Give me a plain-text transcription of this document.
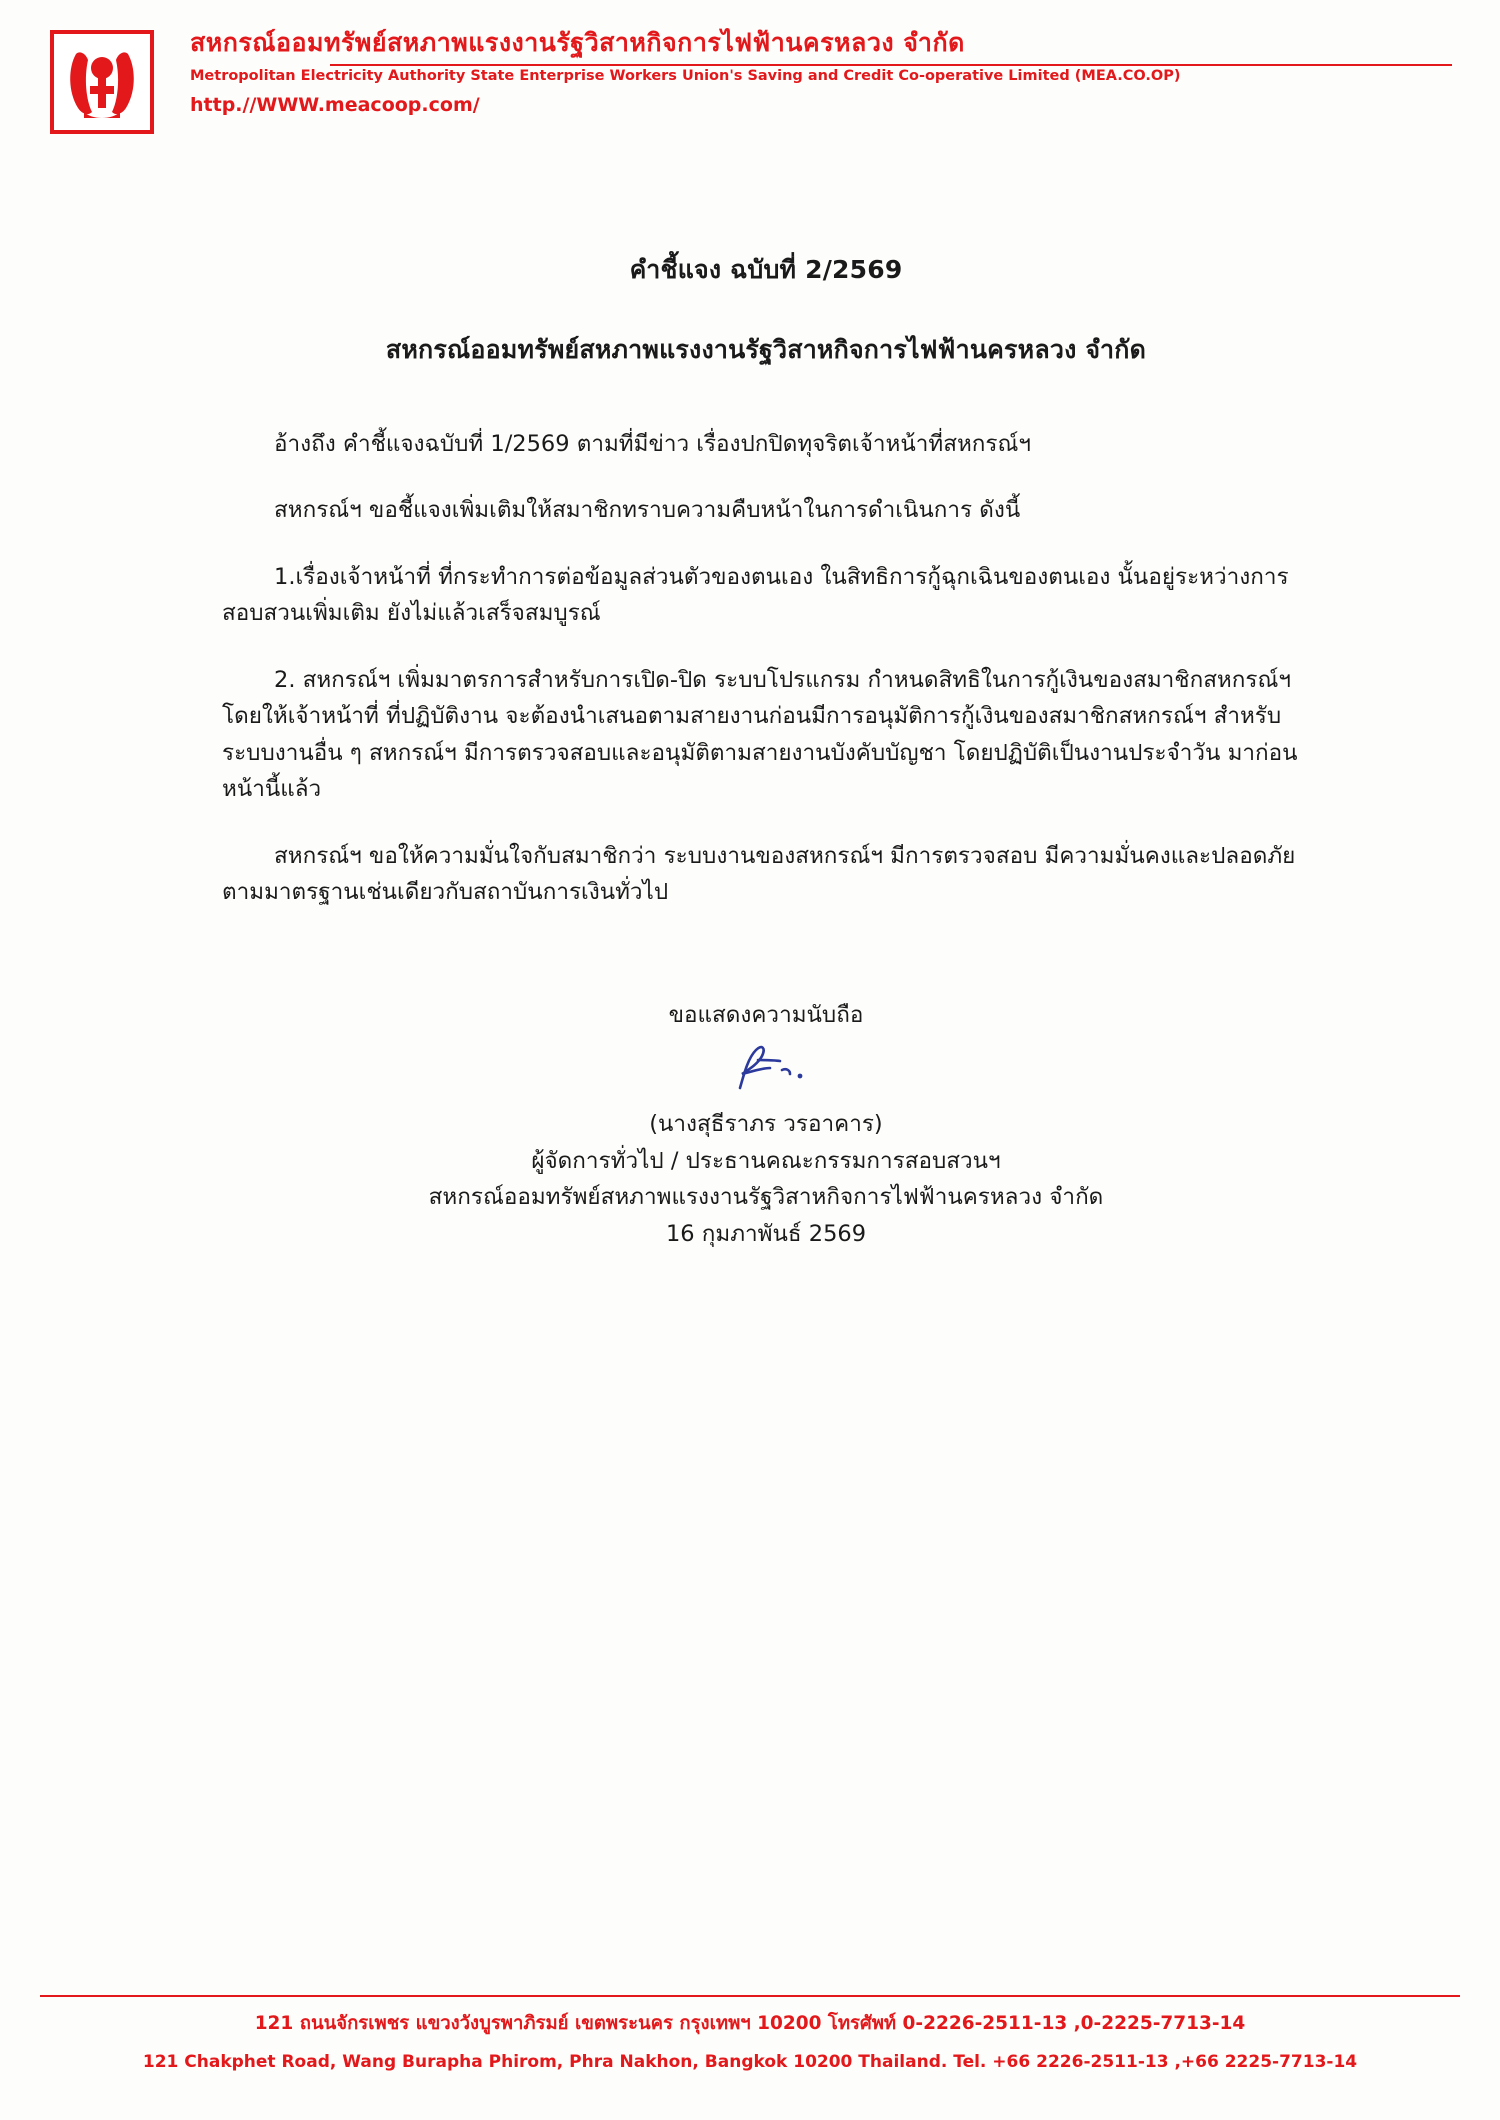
สหกรณ์ออมทรัพย์สหภาพแรงงานรัฐวิสาหกิจการไฟฟ้านครหลวง จำกัด
Metropolitan Electricity Authority State Enterprise Workers Union's Saving and Credit Co-operative Limited (MEA.CO.OP)
http.//WWW.meacoop.com/
คำชี้แจง ฉบับที่ 2/2569
สหกรณ์ออมทรัพย์สหภาพแรงงานรัฐวิสาหกิจการไฟฟ้านครหลวง จำกัด
อ้างถึง คำชี้แจงฉบับที่ 1/2569 ตามที่มีข่าว เรื่องปกปิดทุจริตเจ้าหน้าที่สหกรณ์ฯ
สหกรณ์ฯ ขอชี้แจงเพิ่มเติมให้สมาชิกทราบความคืบหน้าในการดำเนินการ ดังนี้
1.เรื่องเจ้าหน้าที่ ที่กระทำการต่อข้อมูลส่วนตัวของตนเอง ในสิทธิการกู้ฉุกเฉินของตนเอง นั้นอยู่ระหว่างการสอบสวนเพิ่มเติม ยังไม่แล้วเสร็จสมบูรณ์
2. สหกรณ์ฯ เพิ่มมาตรการสำหรับการเปิด-ปิด ระบบโปรแกรม กำหนดสิทธิในการกู้เงินของสมาชิกสหกรณ์ฯ โดยให้เจ้าหน้าที่ ที่ปฏิบัติงาน จะต้องนำเสนอตามสายงานก่อนมีการอนุมัติการกู้เงินของสมาชิกสหกรณ์ฯ สำหรับระบบงานอื่น ๆ สหกรณ์ฯ มีการตรวจสอบและอนุมัติตามสายงานบังคับบัญชา โดยปฏิบัติเป็นงานประจำวัน มาก่อนหน้านี้แล้ว
สหกรณ์ฯ ขอให้ความมั่นใจกับสมาชิกว่า ระบบงานของสหกรณ์ฯ มีการตรวจสอบ มีความมั่นคงและปลอดภัยตามมาตรฐานเช่นเดียวกับสถาบันการเงินทั่วไป
ขอแสดงความนับถือ
(นางสุธีราภร วรอาคาร)
ผู้จัดการทั่วไป / ประธานคณะกรรมการสอบสวนฯ
สหกรณ์ออมทรัพย์สหภาพแรงงานรัฐวิสาหกิจการไฟฟ้านครหลวง จำกัด
16 กุมภาพันธ์ 2569
121 ถนนจักรเพชร แขวงวังบูรพาภิรมย์ เขตพระนคร กรุงเทพฯ 10200 โทรศัพท์ 0-2226-2511-13 ,0-2225-7713-14
121 Chakphet Road, Wang Burapha Phirom, Phra Nakhon, Bangkok 10200 Thailand. Tel. +66 2226-2511-13 ,+66 2225-7713-14
